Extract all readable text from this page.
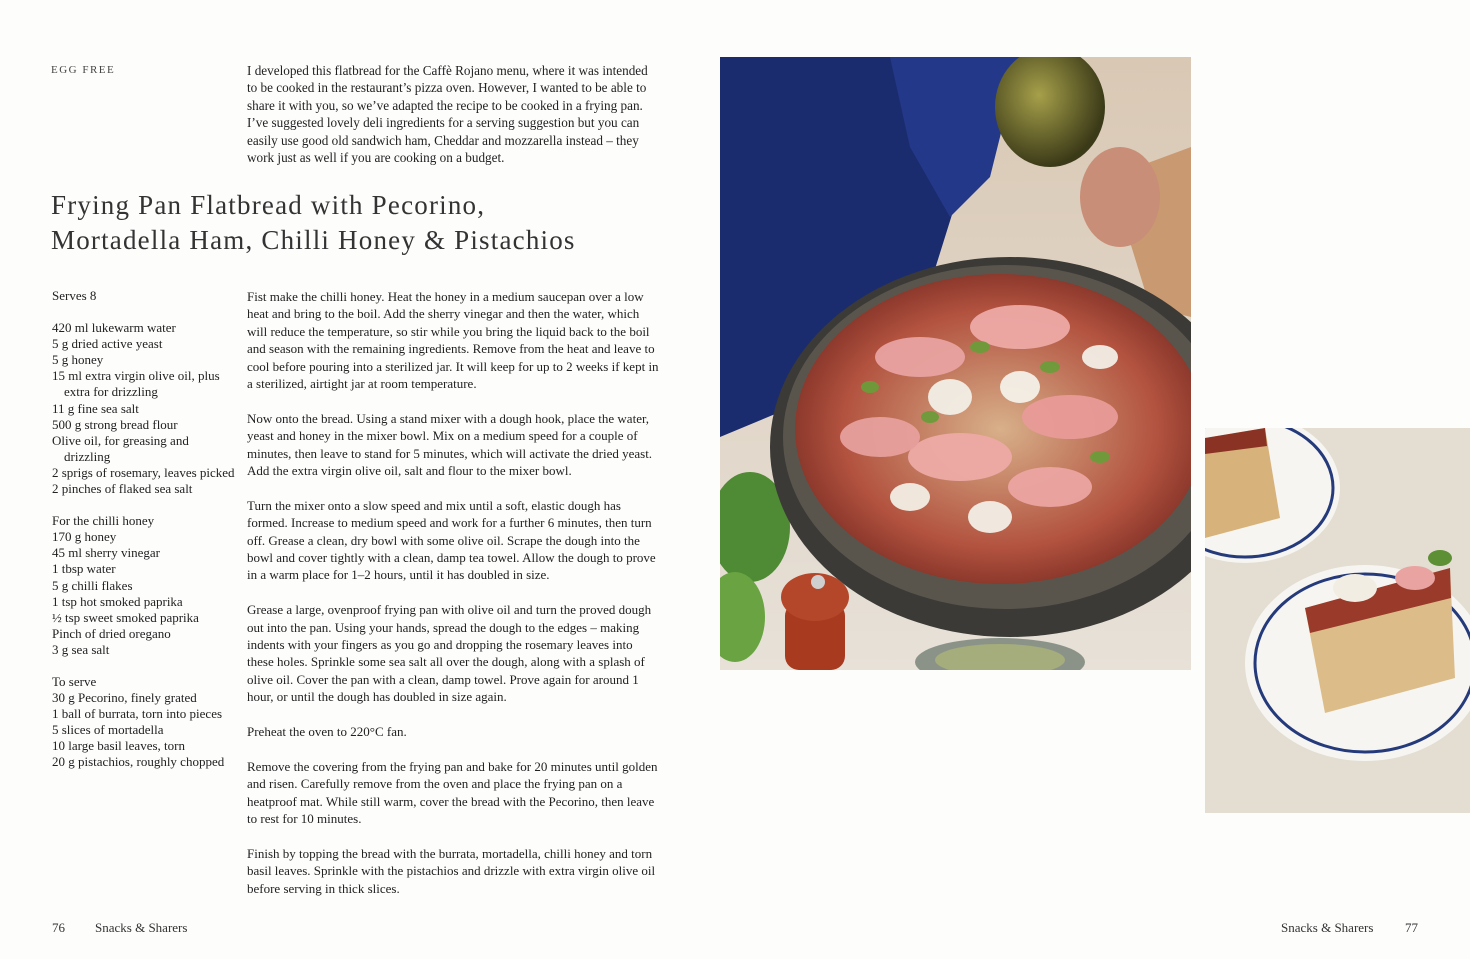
EGG FREE	I developed this flatbread for the Caffè Rojano menu, where it was intended to be cooked in the restaurant’s pizza oven. However, I wanted to be able to share it with you, so we’ve adapted the recipe to be cooked in a frying pan. I’ve suggested lovely deli ingredients for a serving suggestion but you can easily use good old sandwich ham, Cheddar and mozzarella instead – they work just as well if you are cooking on a budget.
Frying Pan Flatbread with Pecorino,
Mortadella Ham, Chilli Honey & Pistachios
Serves 8
420 ml lukewarm water
5 g dried active yeast
5 g honey
15 ml extra virgin olive oil, plus extra for drizzling
11 g fine sea salt
500 g strong bread flour
Olive oil, for greasing and drizzling
2 sprigs of rosemary, leaves picked
2 pinches of flaked sea salt
For the chilli honey
170 g honey
45 ml sherry vinegar
1 tbsp water
5 g chilli flakes
1 tsp hot smoked paprika
½ tsp sweet smoked paprika
Pinch of dried oregano
3 g sea salt
To serve
30 g Pecorino, finely grated
1 ball of burrata, torn into pieces
5 slices of mortadella
10 large basil leaves, torn
20 g pistachios, roughly chopped

Fist make the chilli honey. Heat the honey in a medium saucepan over a low heat and bring to the boil. Add the sherry vinegar and then the water, which will reduce the temperature, so stir while you bring the liquid back to the boil and season with the remaining ingredients. Remove from the heat and leave to cool before pouring into a sterilized jar. It will keep for up to 2 weeks if kept in a sterilized, airtight jar at room temperature.

Now onto the bread. Using a stand mixer with a dough hook, place the water, yeast and honey in the mixer bowl. Mix on a medium speed for a couple of minutes, then leave to stand for 5 minutes, which will activate the dried yeast. Add the extra virgin olive oil, salt and flour to the mixer bowl.

Turn the mixer onto a slow speed and mix until a soft, elastic dough has formed. Increase to medium speed and work for a further 6 minutes, then turn off. Grease a clean, dry bowl with some olive oil. Scrape the dough into the bowl and cover tightly with a clean, damp tea towel. Allow the dough to prove in a warm place for 1–2 hours, until it has doubled in size.

Grease a large, ovenproof frying pan with olive oil and turn the proved dough out into the pan. Using your hands, spread the dough to the edges – making indents with your fingers as you go and dropping the rosemary leaves into these holes. Sprinkle some sea salt all over the dough, along with a splash of olive oil. Cover the pan with a clean, damp towel. Prove again for around 1 hour, or until the dough has doubled in size again.

Preheat the oven to 220°C fan.

Remove the covering from the frying pan and bake for 20 minutes until golden and risen. Carefully remove from the oven and place the frying pan on a heatproof mat. While still warm, cover the bread with the Pecorino, then leave to rest for 10 minutes.

Finish by topping the bread with the burrata, mortadella, chilli honey and torn basil leaves. Sprinkle with the pistachios and drizzle with extra virgin olive oil before serving in thick slices.

76 Snacks & Sharers	Snacks & Sharers 77
